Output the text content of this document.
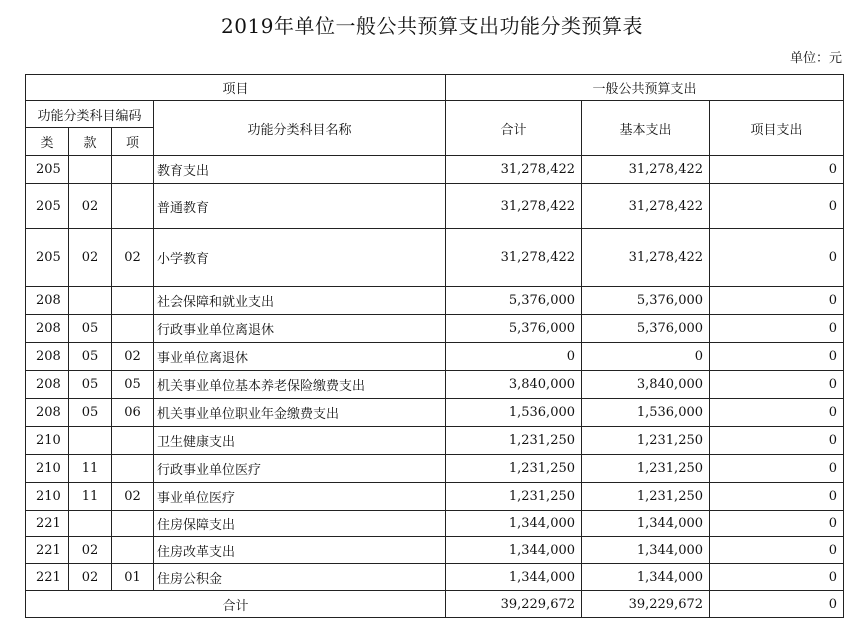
2019年单位一般公共预算支出功能分类预算表
单位：元
项目				一般公共预算支出		
功能分类科目编码			功能分类科目名称	合计	基本支出	项目支出
类	款	项				
205			教育支出	31,278,422	31,278,422	0
205	02		普通教育	31,278,422	31,278,422	0
205	02	02	小学教育	31,278,422	31,278,422	0
208			社会保障和就业支出	5,376,000	5,376,000	0
208	05		行政事业单位离退休	5,376,000	5,376,000	0
208	05	02	事业单位离退休	0	0	0
208	05	05	机关事业单位基本养老保险缴费支出	3,840,000	3,840,000	0
208	05	06	机关事业单位职业年金缴费支出	1,536,000	1,536,000	0
210			卫生健康支出	1,231,250	1,231,250	0
210	11		行政事业单位医疗	1,231,250	1,231,250	0
210	11	02	事业单位医疗	1,231,250	1,231,250	0
221			住房保障支出	1,344,000	1,344,000	0
221	02		住房改革支出	1,344,000	1,344,000	0
221	02	01	住房公积金	1,344,000	1,344,000	0
合计				39,229,672	39,229,672	0
